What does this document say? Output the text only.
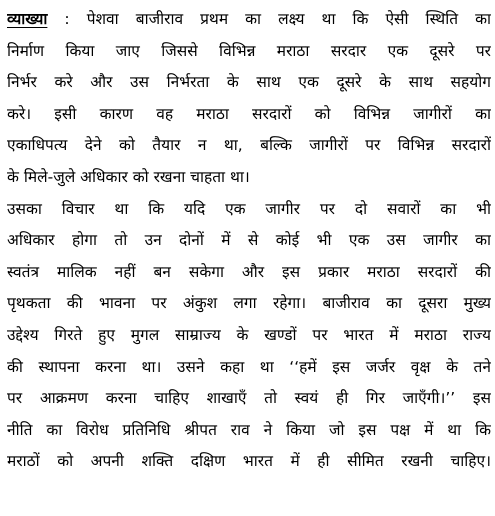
व्याख्या : पेशवा बाजीराव प्रथम का लक्ष्य था कि ऐसी स्थिति का
निर्माण किया जाए जिससे विभिन्न मराठा सरदार एक दूसरे पर
निर्भर करे और उस निर्भरता के साथ एक दूसरे के साथ सहयोग
करे। इसी कारण वह मराठा सरदारों को विभिन्न जागीरों का
एकाधिपत्य देने को तैयार न था, बल्कि जागीरों पर विभिन्न सरदारों
के मिले-जुले अधिकार को रखना चाहता था।
उसका विचार था कि यदि एक जागीर पर दो सवारों का भी
अधिकार होगा तो उन दोनों में से कोई भी एक उस जागीर का
स्वतंत्र मालिक नहीं बन सकेगा और इस प्रकार मराठा सरदारों की
पृथकता की भावना पर अंकुश लगा रहेगा। बाजीराव का दूसरा मुख्य
उद्देश्य गिरते हुए मुगल साम्राज्य के खण्डों पर भारत में मराठा राज्य
की स्थापना करना था। उसने कहा था ‘‘हमें इस जर्जर वृक्ष के तने
पर आक्रमण करना चाहिए शाखाएँ तो स्वयं ही गिर जाएँगी।’’ इस
नीति का विरोध प्रतिनिधि श्रीपत राव ने किया जो इस पक्ष में था कि
मराठों को अपनी शक्ति दक्षिण भारत में ही सीमित रखनी चाहिए।
